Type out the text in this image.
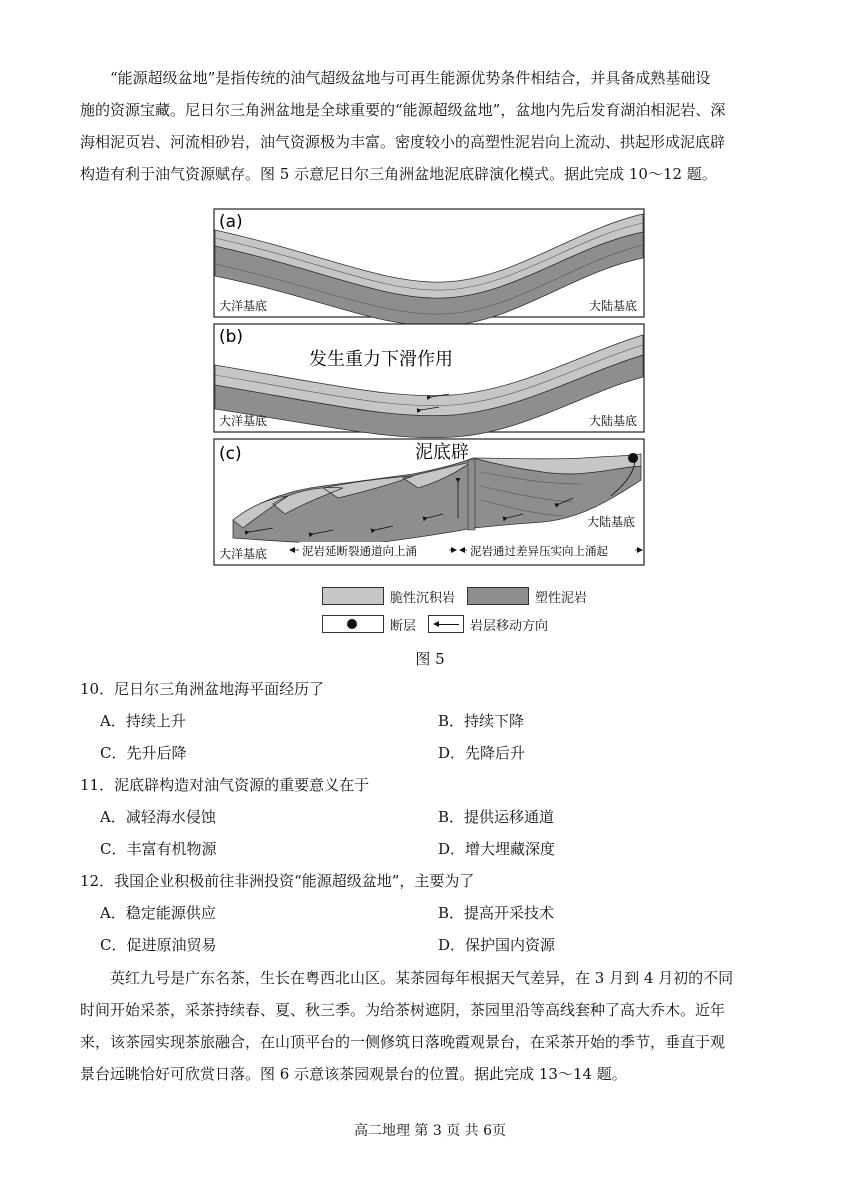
“能源超级盆地”是指传统的油气超级盆地与可再生能源优势条件相结合，并具备成熟基础设
施的资源宝藏。尼日尔三角洲盆地是全球重要的“能源超级盆地”，盆地内先后发育湖泊相泥岩、深
海相泥页岩、河流相砂岩，油气资源极为丰富。密度较小的高塑性泥岩向上流动、拱起形成泥底辟
构造有利于油气资源赋存。图 5 示意尼日尔三角洲盆地泥底辟演化模式。据此完成 10～12 题。

(a)
大洋基底	大陆基底
(b)
发生重力下滑作用
大洋基底	大陆基底
(c)	泥底辟
大陆基底
大洋基底	泥岩延断裂通道向上涌	泥岩通过差异压实向上涌起
脆性沉积岩	塑性泥岩
断层	岩层移动方向
图 5
10．尼日尔三角洲盆地海平面经历了
A．持续上升	B．持续下降
C．先升后降	D．先降后升
11．泥底辟构造对油气资源的重要意义在于
A．减轻海水侵蚀	B．提供运移通道
C．丰富有机物源	D．增大埋藏深度
12．我国企业积极前往非洲投资“能源超级盆地”，主要为了
A．稳定能源供应	B．提高开采技术
C．促进原油贸易	D．保护国内资源

英红九号是广东名茶，生长在粤西北山区。某茶园每年根据天气差异，在 3 月到 4 月初的不同
时间开始采茶，采茶持续春、夏、秋三季。为给茶树遮阴，茶园里沿等高线套种了高大乔木。近年
来，该茶园实现茶旅融合，在山顶平台的一侧修筑日落晚霞观景台，在采茶开始的季节，垂直于观
景台远眺恰好可欣赏日落。图 6 示意该茶园观景台的位置。据此完成 13～14 题。

高二地理 第 3 页 共 6页
